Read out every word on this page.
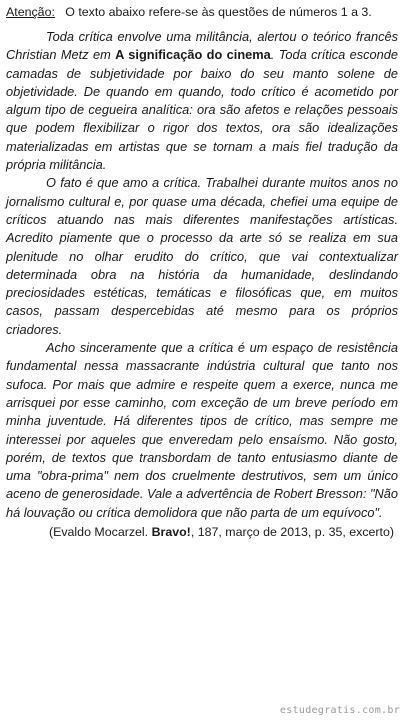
Atenção: O texto abaixo refere-se às questões de números 1 a 3.

Toda crítica envolve uma militância, alertou o teórico francês Christian Metz em A significação do cinema. Toda crítica esconde camadas de subjetividade por baixo do seu manto solene de objetividade. De quando em quando, todo crítico é acometido por algum tipo de cegueira analítica: ora são afetos e relações pessoais que podem flexibilizar o rigor dos textos, ora são idealizações materializadas em artistas que se tornam a mais fiel tradução da própria militância.

O fato é que amo a crítica. Trabalhei durante muitos anos no jornalismo cultural e, por quase uma década, chefiei uma equipe de críticos atuando nas mais diferentes manifestações artísticas. Acredito piamente que o processo da arte só se realiza em sua plenitude no olhar erudito do crítico, que vai contextualizar determinada obra na história da humanidade, deslindando preciosidades estéticas, temáticas e filosóficas que, em muitos casos, passam despercebidas até mesmo para os próprios criadores.

Acho sinceramente que a crítica é um espaço de resistência fundamental nessa massacrante indústria cultural que tanto nos sufoca. Por mais que admire e respeite quem a exerce, nunca me arrisquei por esse caminho, com exceção de um breve período em minha juventude. Há diferentes tipos de crítico, mas sempre me interessei por aqueles que enveredam pelo ensaísmo. Não gosto, porém, de textos que transbordam de tanto entusiasmo diante de uma "obra-prima" nem dos cruelmente destrutivos, sem um único aceno de generosidade. Vale a advertência de Robert Bresson: "Não há louvação ou crítica demolidora que não parta de um equívoco".

(Evaldo Mocarzel. Bravo!, 187, março de 2013, p. 35, excerto)
estudegratis.com.br
